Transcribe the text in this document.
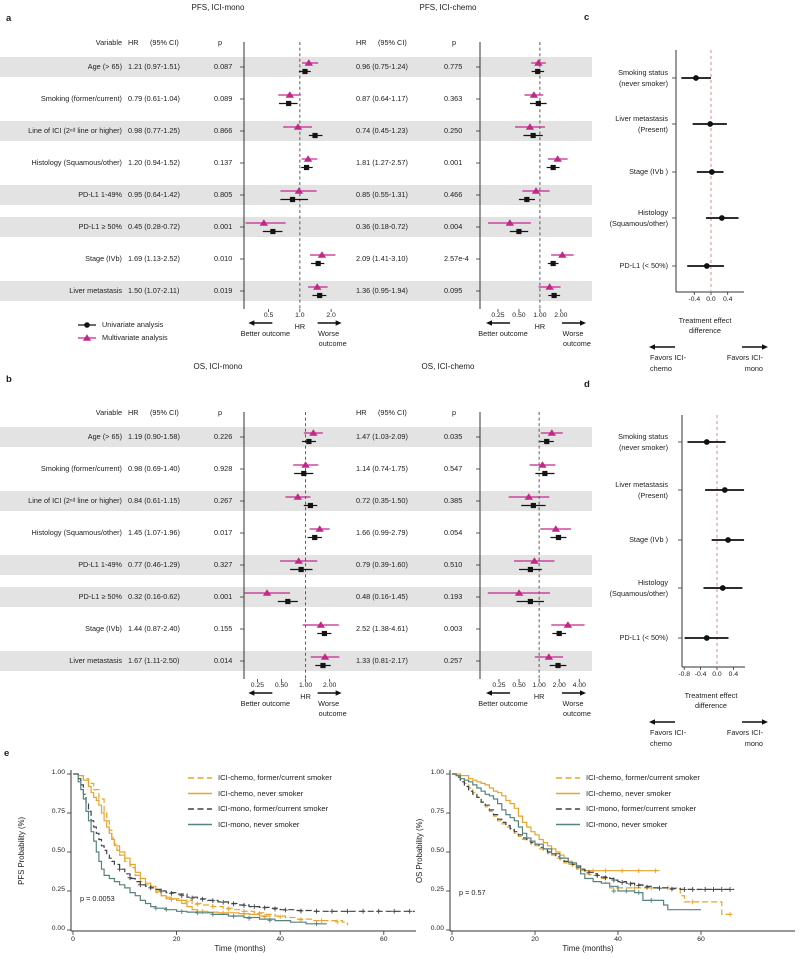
a
b
c
d
e
PFS, ICI-mono	PFS, ICI-chemo
Variable HR (95% CI)	p	HR (95% CI)	p
Age (> 65) 1.21 (0.97-1.51)	0.087	0.96 (0.75-1.24)	0.775
Smoking (former/current) 0.79 (0.61-1.04)	0.089	0.87 (0.64-1.17)	0.363
Line of ICI (2ⁿᵈ line or higher) 0.98 (0.77-1.25)	0.866	0.74 (0.45-1.23)	0.250
Histology (Squamous/other) 1.20 (0.94-1.52)	0.137	1.81 (1.27-2.57)	0.001
PD-L1 1-49% 0.95 (0.64-1.42)	0.805	0.85 (0.55-1.31)	0.466
PD-L1 ≥ 50% 0.45 (0.28-0.72)	0.001	0.36 (0.18-0.72)	0.004
Stage (IVb) 1.69 (1.13-2.52)	0.010	2.09 (1.41-3.10)	2.57e-4
Liver metastasis 1.50 (1.07-2.11)	0.019	1.36 (0.95-1.94)	0.095
0.5	1.0	2.0
HR
Better outcome	Worse
outcome
0.25	0.50	1.00	2.00
HR
Better outcome	Worse
outcome
Univariate analysis
Multivariate analysis
OS, ICI-mono	OS, ICI-chemo
Variable HR (95% CI)	p	HR (95% CI)	p
Age (> 65) 1.19 (0.90-1.58)	0.226	1.47 (1.03-2.09)	0.035
Smoking (former/current) 0.98 (0.69-1.40)	0.928	1.14 (0.74-1.75)	0.547
Line of ICI (2ⁿᵈ line or higher) 0.84 (0.61-1.15)	0.267	0.72 (0.35-1.50)	0.385
Histology (Squamous/other) 1.45 (1.07-1.96)	0.017	1.66 (0.99-2.79)	0.054
PD-L1 1-49% 0.77 (0.46-1.29)	0.327	0.79 (0.39-1.60)	0.510
PD-L1 ≥ 50% 0.32 (0.16-0.62)	0.001	0.48 (0.16-1.45)	0.193
Stage (IVb) 1.44 (0.87-2.40)	0.155	2.52 (1.38-4.61)	0.003
Liver metastasis 1.67 (1.11-2.50)	0.014	1.33 (0.81-2.17)	0.257
0.25	0.50	1.00	2.00
HR
Better outcome	Worse
outcome
0.25	0.50	1.00	2.00	4.00
HR
Better outcome	Worse
outcome
-0.4 0.0	0.4
Smoking status
(never smoker)
Liver metastasis
(Present)
Stage (IVb )
Histology
(Squamous/other)
PD-L1 (< 50%)
Treatment effect
difference
Favors ICI-
chemo
Favors ICI-
mono
-0.8 -0.4 0.0	0.4
Smoking status
(never smoker)
Liver metastasis
(Present)
Stage (IVb )
Histology
(Squamous/other)
PD-L1 (< 50%)
Treatment effect
difference
Favors ICI-
chemo
Favors ICI-
mono
0.00
0.25
0.50
0.75
1.00
0	20	40	60
PFS Probability (%)
Time (months)
p = 0.0053
ICI-chemo, former/current smoker
ICI-chemo, never smoker
ICI-mono, former/current smoker
ICI-mono, never smoker
0.00
0.25
0.50
0.75
1.00
0	20	40	60
OS Probability (%)
Time (months)
p = 0.57
ICI-chemo, former/current smoker
ICI-chemo, never smoker
ICI-mono, former/current smoker
ICI-mono, never smoker
